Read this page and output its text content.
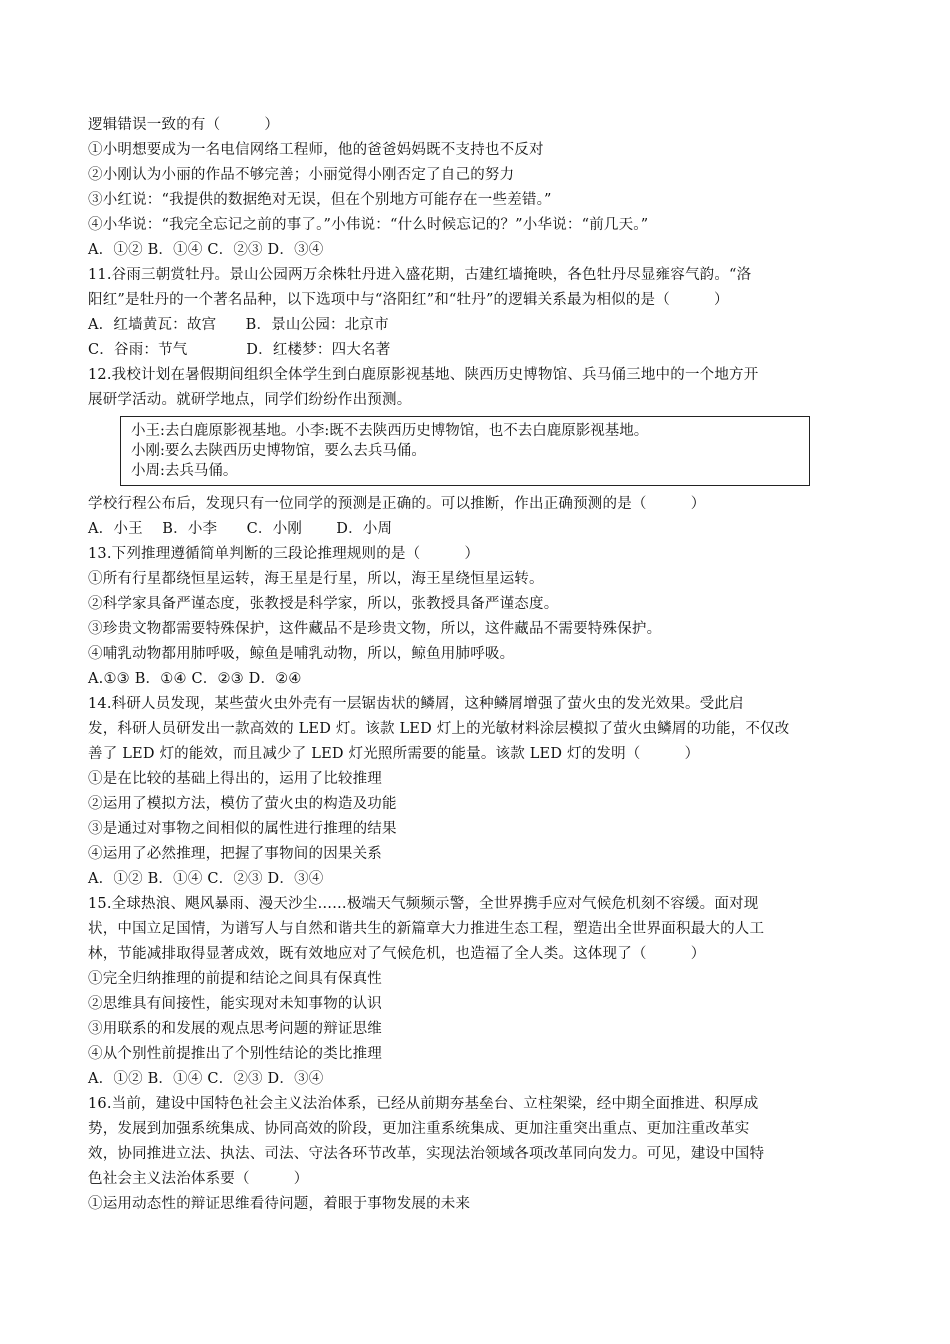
逻辑错误一致的有（　　　）
①小明想要成为一名电信网络工程师，他的爸爸妈妈既不支持也不反对
②小刚认为小丽的作品不够完善；小丽觉得小刚否定了自己的努力
③小红说：“我提供的数据绝对无误，但在个别地方可能存在一些差错。”
④小华说：“我完全忘记之前的事了。”小伟说：“什么时候忘记的？”小华说：“前几天。”
A．①② B．①④ C．②③ D．③④
11.谷雨三朝赏牡丹。景山公园两万余株牡丹进入盛花期，古建红墙掩映，各色牡丹尽显雍容气韵。“洛
阳红”是牡丹的一个著名品种，以下选项中与“洛阳红”和“牡丹”的逻辑关系最为相似的是（　　　）
A．红墙黄瓦：故宫　　B．景山公园：北京市
C．谷雨：节气　　　　D．红楼梦：四大名著
12.我校计划在暑假期间组织全体学生到白鹿原影视基地、陕西历史博物馆、兵马俑三地中的一个地方开
展研学活动。就研学地点，同学们纷纷作出预测。
小王:去白鹿原影视基地。小李:既不去陕西历史博物馆，也不去白鹿原影视基地。
小刚:要么去陕西历史博物馆，要么去兵马俑。
小周:去兵马俑。
学校行程公布后，发现只有一位同学的预测是正确的。可以推断，作出正确预测的是（　　　）
A．小王　 B．小李　　C．小刚　　 D．小周
13.下列推理遵循简单判断的三段论推理规则的是（　　　）
①所有行星都绕恒星运转，海王星是行星，所以，海王星绕恒星运转。
②科学家具备严谨态度，张教授是科学家，所以，张教授具备严谨态度。
③珍贵文物都需要特殊保护，这件藏品不是珍贵文物，所以，这件藏品不需要特殊保护。
④哺乳动物都用肺呼吸，鲸鱼是哺乳动物，所以，鲸鱼用肺呼吸。
A.①③ B．①④ C．②③ D．②④
14.科研人员发现，某些萤火虫外壳有一层锯齿状的鳞屑，这种鳞屑增强了萤火虫的发光效果。受此启
发，科研人员研发出一款高效的 LED 灯。该款 LED 灯上的光敏材料涂层模拟了萤火虫鳞屑的功能，不仅改
善了 LED 灯的能效，而且减少了 LED 灯光照所需要的能量。该款 LED 灯的发明（　　　）
①是在比较的基础上得出的，运用了比较推理
②运用了模拟方法，模仿了萤火虫的构造及功能
③是通过对事物之间相似的属性进行推理的结果
④运用了必然推理，把握了事物间的因果关系
A．①② B．①④ C．②③ D．③④
15.全球热浪、飓风暴雨、漫天沙尘……极端天气频频示警，全世界携手应对气候危机刻不容缓。面对现
状，中国立足国情，为谱写人与自然和谐共生的新篇章大力推进生态工程，塑造出全世界面积最大的人工
林，节能减排取得显著成效，既有效地应对了气候危机，也造福了全人类。这体现了（　　　）
①完全归纳推理的前提和结论之间具有保真性
②思维具有间接性，能实现对未知事物的认识
③用联系的和发展的观点思考问题的辩证思维
④从个别性前提推出了个别性结论的类比推理
A．①② B．①④ C．②③ D．③④
16.当前，建设中国特色社会主义法治体系，已经从前期夯基垒台、立柱架梁，经中期全面推进、积厚成
势，发展到加强系统集成、协同高效的阶段，更加注重系统集成、更加注重突出重点、更加注重改革实
效，协同推进立法、执法、司法、守法各环节改革，实现法治领域各项改革同向发力。可见，建设中国特
色社会主义法治体系要（　　　）
①运用动态性的辩证思维看待问题，着眼于事物发展的未来
